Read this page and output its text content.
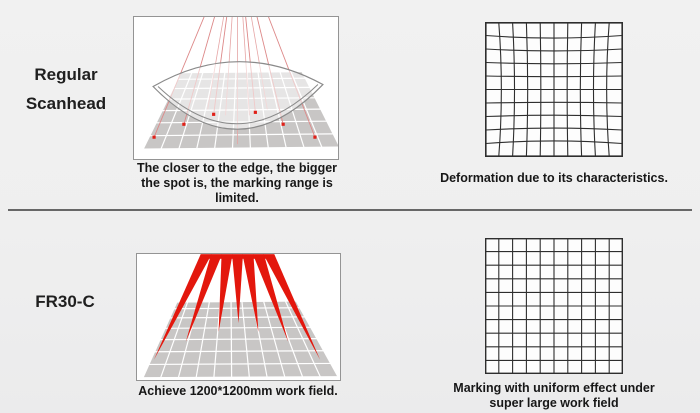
Regular
Scanhead
The closer to the edge, the bigger
the spot is, the marking range is limited.
Deformation due to its characteristics.
FR30-C
Achieve 1200*1200mm work field.	Marking with uniform effect under
super large work field
